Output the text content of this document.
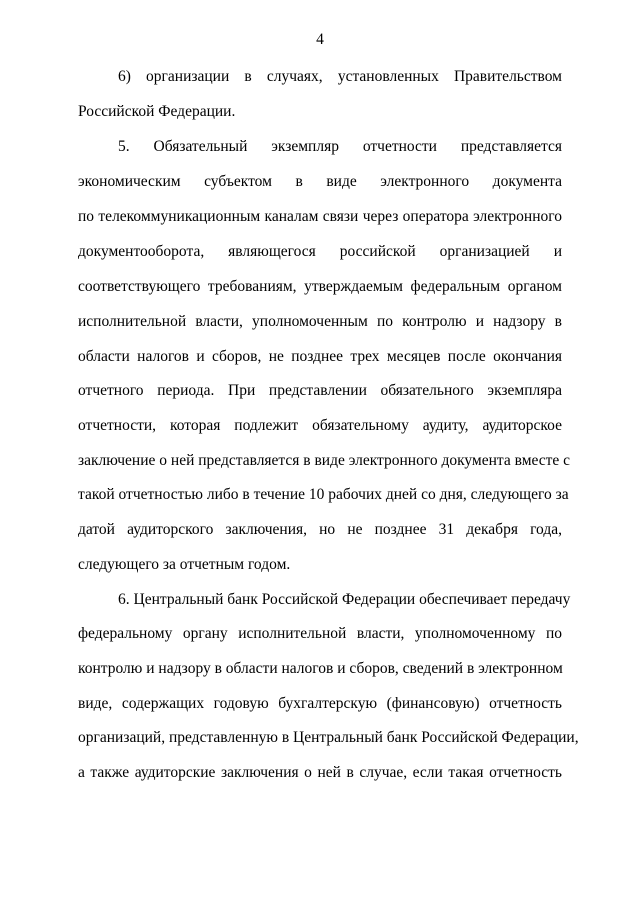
4
6) организации в случаях, установленных Правительством
Российской Федерации.
5. Обязательный экземпляр отчетности представляется
экономическим субъектом в виде электронного документа
по телекоммуникационным каналам связи через оператора электронного
документооборота, являющегося российской организацией и
соответствующего требованиям, утверждаемым федеральным органом
исполнительной власти, уполномоченным по контролю и надзору в
области налогов и сборов, не позднее трех месяцев после окончания
отчетного периода. При представлении обязательного экземпляра
отчетности, которая подлежит обязательному аудиту, аудиторское
заключение о ней представляется в виде электронного документа вместе с
такой отчетностью либо в течение 10 рабочих дней со дня, следующего за
датой аудиторского заключения, но не позднее 31 декабря года,
следующего за отчетным годом.
6. Центральный банк Российской Федерации обеспечивает передачу
федеральному органу исполнительной власти, уполномоченному по
контролю и надзору в области налогов и сборов, сведений в электронном
виде, содержащих годовую бухгалтерскую (финансовую) отчетность
организаций, представленную в Центральный банк Российской Федерации,
а также аудиторские заключения о ней в случае, если такая отчетность
